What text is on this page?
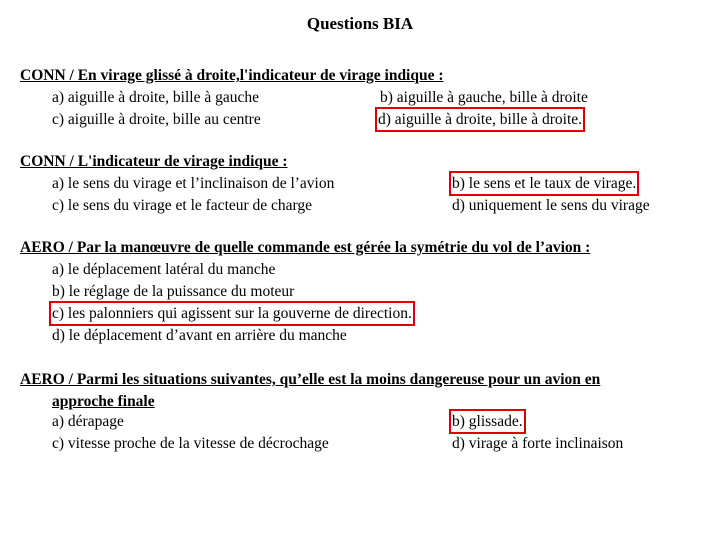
Questions BIA
CONN / En virage glissé à droite,l'indicateur de virage indique :
a) aiguille à droite, bille à gauche	b) aiguille à gauche, bille à droite
c) aiguille à droite, bille au centre	d) aiguille à droite, bille à droite.
CONN / L'indicateur de virage indique :
a) le sens du virage et l’inclinaison de l’avion	b) le sens et le taux de virage.
c) le sens du virage et le facteur de charge	d) uniquement le sens du virage
AERO / Par la manœuvre de quelle commande est gérée la symétrie du vol de l’avion :
a) le déplacement latéral du manche
b) le réglage de la puissance du moteur
c) les palonniers qui agissent sur la gouverne de direction.
d) le déplacement d’avant en arrière du manche
AERO / Parmi les situations suivantes, qu’elle est la moins dangereuse pour un avion en
approche finale
a) dérapage	b) glissade.
c) vitesse proche de la vitesse de décrochage	d) virage à forte inclinaison
